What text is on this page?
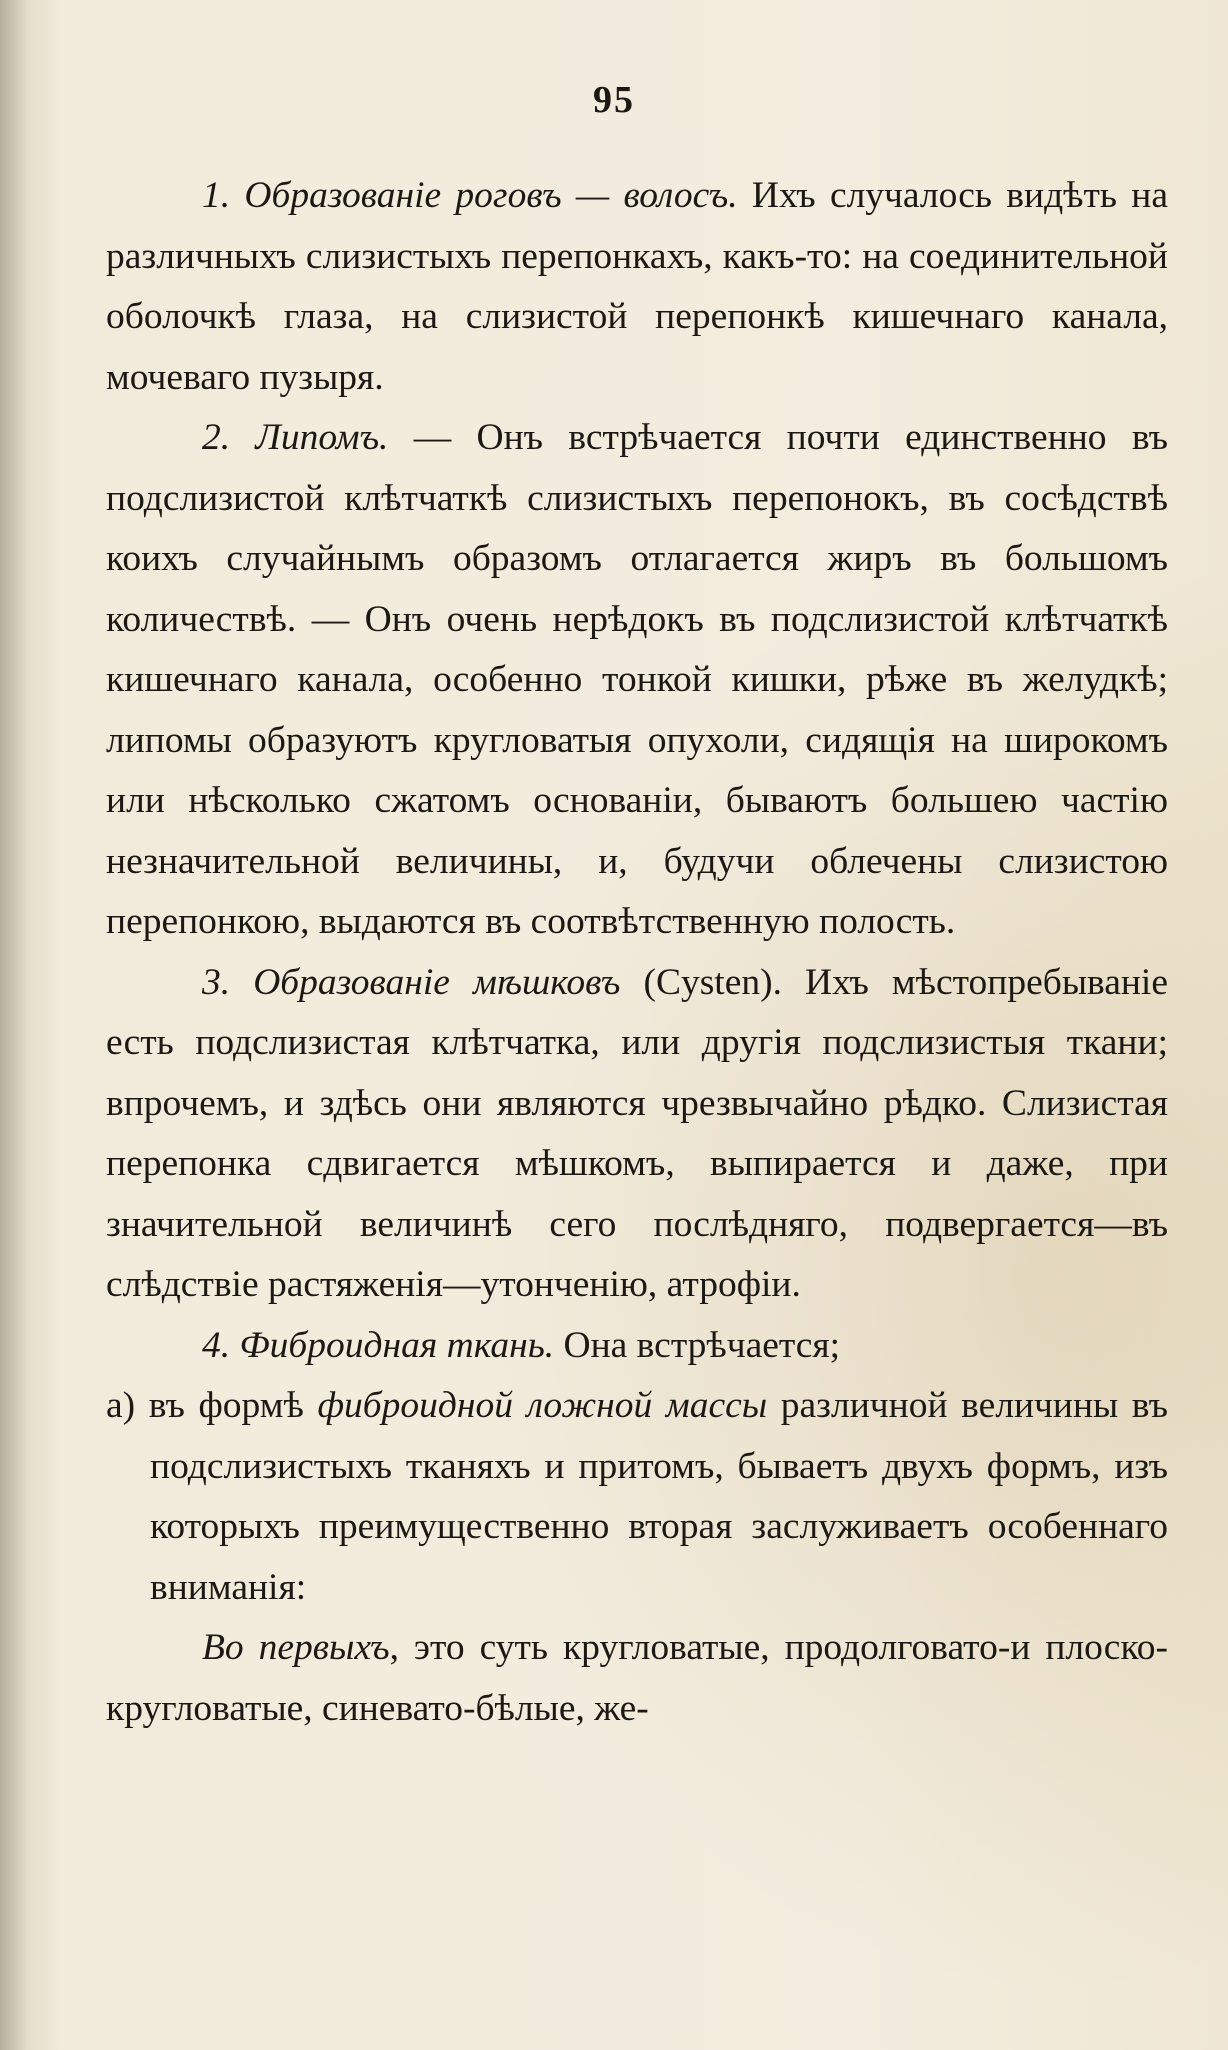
95

1. Образованіе роговъ — волосъ. Ихъ случалось видѣть на различныхъ слизистыхъ перепонкахъ, какъ-то: на соединительной оболочкѣ глаза, на слизистой перепонкѣ кишечнаго канала, мочеваго пузыря.

2. Липомъ. — Онъ встрѣчается почти единственно въ подслизистой клѣтчаткѣ слизистыхъ перепонокъ, въ сосѣдствѣ коихъ случайнымъ образомъ отлагается жиръ въ большомъ количествѣ. — Онъ очень нерѣдокъ въ подслизистой клѣтчаткѣ кишечнаго канала, особенно тонкой кишки, рѣже въ желудкѣ; липомы образуютъ кругловатыя опухоли, сидящія на широкомъ или нѣсколько сжатомъ основаніи, бываютъ большею частію незначительной величины, и, будучи облечены слизистою перепонкою, выдаются въ соотвѣтственную полость.

3. Образованіе мѣшковъ (Cysten). Ихъ мѣстопребываніе есть подслизистая клѣтчатка, или другія подслизистыя ткани; впрочемъ, и здѣсь они являются чрезвычайно рѣдко. Слизистая перепонка сдвигается мѣшкомъ, выпирается и даже, при значительной величинѣ сего послѣдняго, подвергается—въ слѣдствіе растяженія—утонченію, атрофіи.

4. Фиброидная ткань. Она встрѣчается;

a) въ формѣ фиброидной ложной массы различной величины въ подслизистыхъ тканяхъ и притомъ, бываетъ двухъ формъ, изъ которыхъ преимущественно вторая заслуживаетъ особеннаго вниманія:

Во первыхъ, это суть кругловатые, продолговато-и плоско-кругловатые, синевато-бѣлые, же-
